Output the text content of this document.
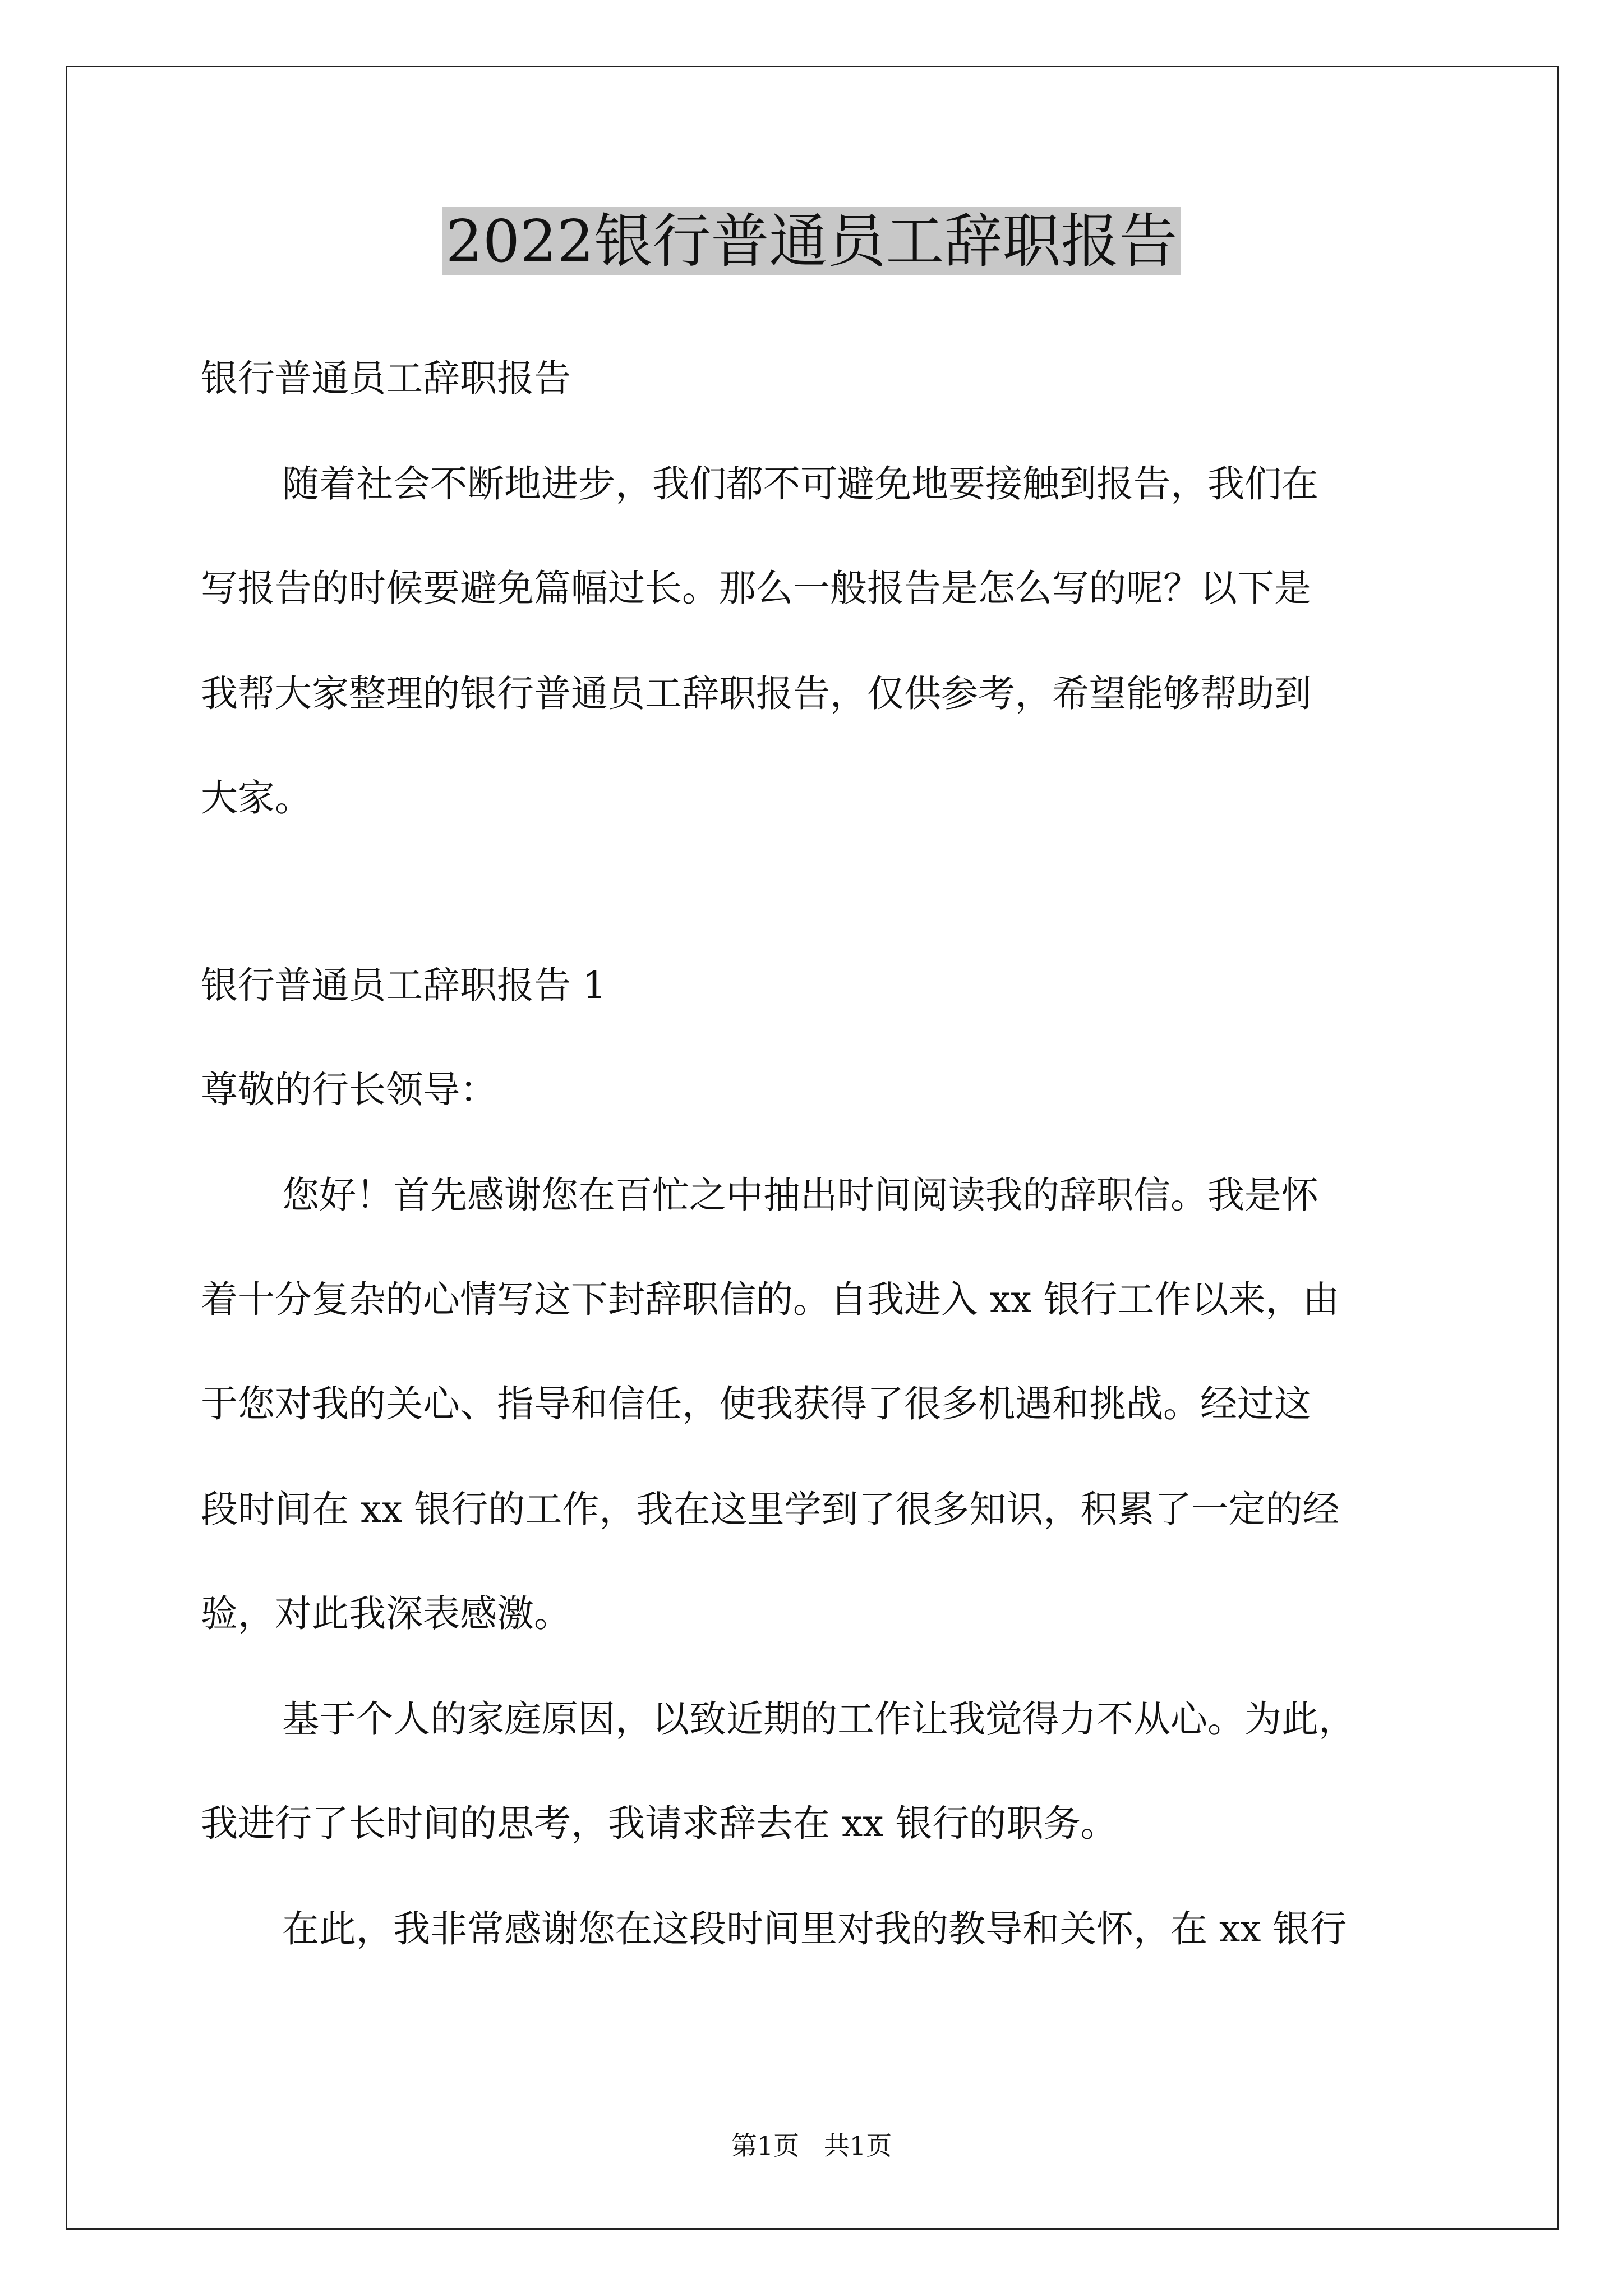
2022银行普通员工辞职报告
银行普通员工辞职报告
随着社会不断地进步，我们都不可避免地要接触到报告，我们在
写报告的时候要避免篇幅过长。那么一般报告是怎么写的呢？以下是
我帮大家整理的银行普通员工辞职报告，仅供参考，希望能够帮助到
大家。
银行普通员工辞职报告 1
尊敬的行长领导：
您好！首先感谢您在百忙之中抽出时间阅读我的辞职信。我是怀
着十分复杂的心情写这下封辞职信的。自我进入 xx 银行工作以来，由
于您对我的关心、指导和信任，使我获得了很多机遇和挑战。经过这
段时间在 xx 银行的工作，我在这里学到了很多知识，积累了一定的经
验，对此我深表感激。
基于个人的家庭原因，以致近期的工作让我觉得力不从心。为此，
我进行了长时间的思考，我请求辞去在 xx 银行的职务。
在此，我非常感谢您在这段时间里对我的教导和关怀，在 xx 银行
第1页   共1页
